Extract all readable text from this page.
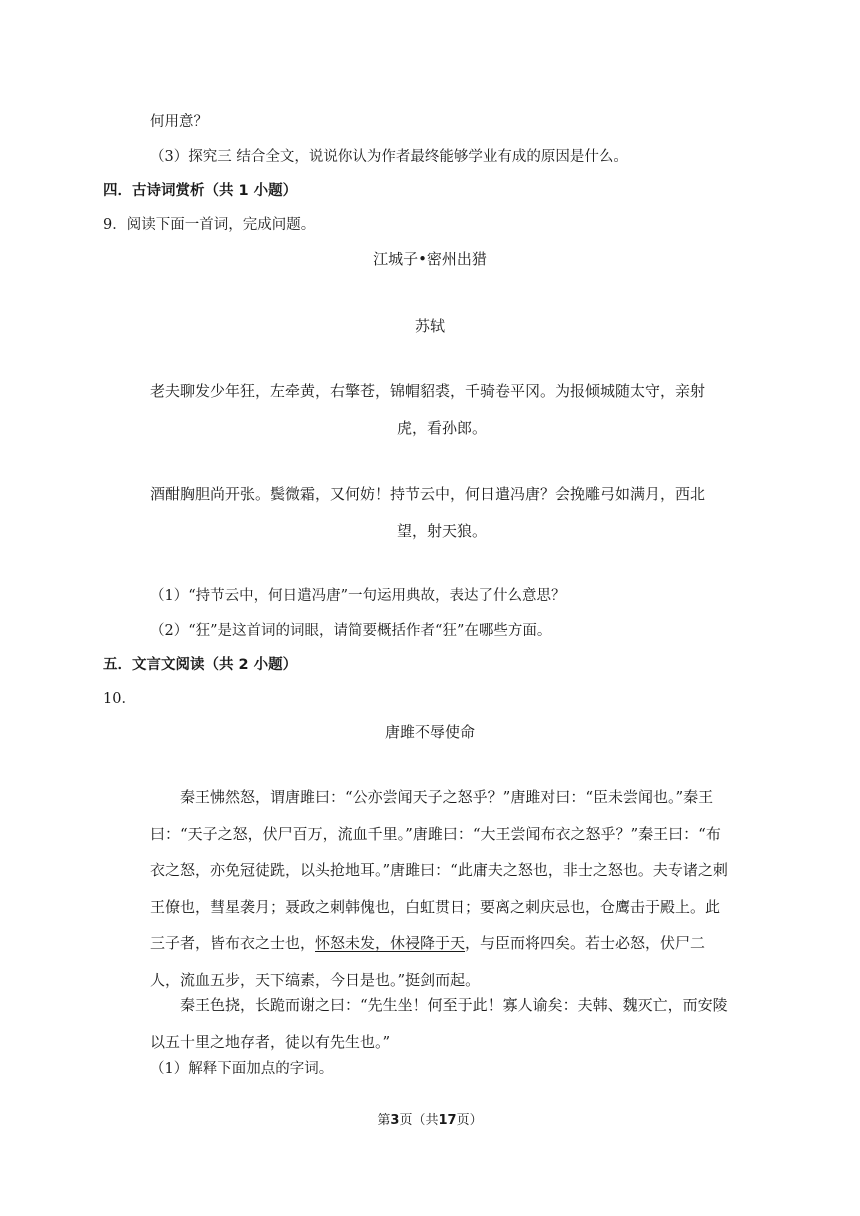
何用意？
（3）探究三 结合全文，说说你认为作者最终能够学业有成的原因是什么。
四．古诗词赏析（共 1 小题）
9．阅读下面一首词，完成问题。
江城子•密州出猎
苏轼
老夫聊发少年狂，左牵黄，右擎苍，锦帽貂裘，千骑卷平冈。为报倾城随太守，亲射虎，看孙郎。
酒酣胸胆尚开张。鬓微霜，又何妨！持节云中，何日遣冯唐？会挽雕弓如满月，西北望，射天狼。
（1）“持节云中，何日遣冯唐”一句运用典故，表达了什么意思？
（2）“狂”是这首词的词眼，请简要概括作者“狂”在哪些方面。
五．文言文阅读（共 2 小题）
10．
唐雎不辱使命
秦王怫然怒，谓唐雎曰：“公亦尝闻天子之怒乎？”唐雎对曰：“臣未尝闻也。”秦王曰：“天子之怒，伏尸百万，流血千里。”唐雎曰：“大王尝闻布衣之怒乎？”秦王曰：“布衣之怒，亦免冠徒跣，以头抢地耳。”唐雎曰：“此庸夫之怒也，非士之怒也。夫专诸之刺王僚也，彗星袭月；聂政之刺韩傀也，白虹贯日；要离之刺庆忌也，仓鹰击于殿上。此三子者，皆布衣之士也，怀怒未发，休祲降于天，与臣而将四矣。若士必怒，伏尸二人，流血五步，天下缟素，今日是也。”挺剑而起。
秦王色挠，长跪而谢之曰：“先生坐！何至于此！寡人谕矣：夫韩、魏灭亡，而安陵以五十里之地存者，徒以有先生也。”
（1）解释下面加点的字词。
第3页（共17页）
